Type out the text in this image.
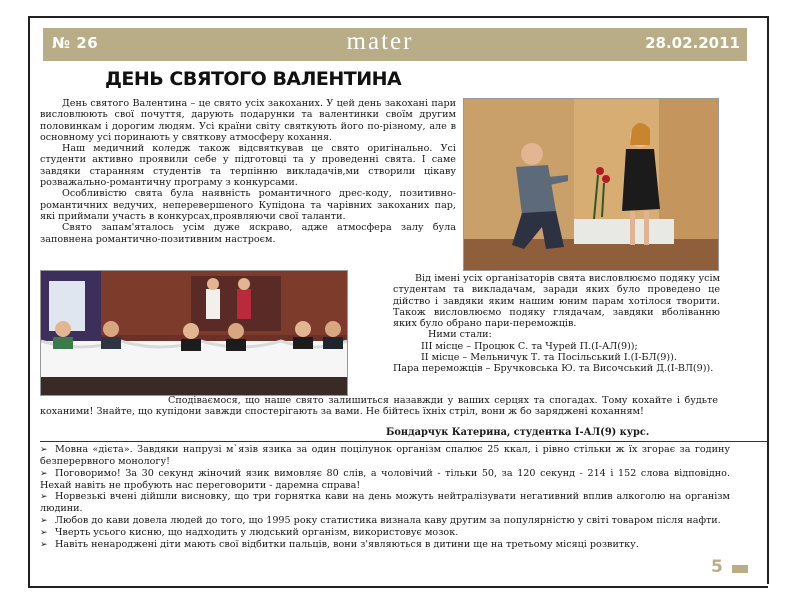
№ 26	mater	28.02.2011
ДЕНЬ СВЯТОГО ВАЛЕНТИНА

День святого Валентина – це свято усіх закоханих. У цей день закохані пари висловлюють свої почуття, дарують подарунки та валентинки своїм другим половинкам і дорогим людям. Усі країни світу святкують його по-різному, але в основному усі поринають у святкову атмосферу кохання.

Наш медичний коледж також відсвяткував це свято оригінально. Усі студенти активно проявили себе у підготовці та у проведенні свята. І саме завдяки старанням студентів та терпінню викладачів,ми створили цікаву розважально-романтичну програму з конкурсами.

Особливістю свята була наявність романтичного дрес-коду, позитивно-романтичних ведучих, неперевершеного Купідона та чарівних закоханих пар, які приймали участь в конкурсах,проявляючи свої таланти.

Свято запам'яталось усім дуже яскраво, адже атмосфера залу була заповнена романтично-позитивним настроєм.

Від імені усіх організаторів свята висловлюємо подяку усім студентам та викладачам, заради яких було проведено це дійство і завдяки яким нашим юним парам хотілося творити. Також висловлюємо подяку глядачам, завдяки вболіванню яких було обрано пари-переможців.

Ними стали:

ІІІ місце – Процюк С. та Чурей П.(І-АЛ(9));

ІІ місце – Мельничук Т. та Посільський І.(І-БЛ(9)).

Пара переможців – Бручковська Ю. та Височський Д.(І-ВЛ(9)).

Сподіваємося, що наше свято залишиться назавжди у ваших серцях та спогадах. Тому кохайте і будьте коханими! Знайте, що купідони завжди спостерігають за вами. Не бійтесь їхніх стріл, вони ж бо заряджені коханням!

Бондарчук Катерина, студентка І-АЛ(9) курс.
➢ Мовна «дієта». Завдяки напрузі м`язів язика за один поцілунок організм спалює 25 ккал, і рівно стільки ж їх згорає за годину безперервного монологу!
➢ Поговоримо! За 30 секунд жіночий язик вимовляє 80 слів, а чоловічий - тільки 50, за 120 секунд - 214 і 152 слова відповідно. Нехай навіть не пробують нас переговорити - даремна справа!
➢ Норвезькі вчені дійшли висновку, що три горнятка кави на день можуть нейтралізувати негативний вплив алкоголю на організм людини.
➢ Любов до кави довела людей до того, що 1995 року статистика визнала каву другим за популярністю у світі товаром після нафти.
➢ Чверть усього кисню, що надходить у людський організм, використовує мозок.
➢ Навіть ненароджені діти мають свої відбитки пальців, вони з'являються в дитини ще на третьому місяці розвитку.
5
